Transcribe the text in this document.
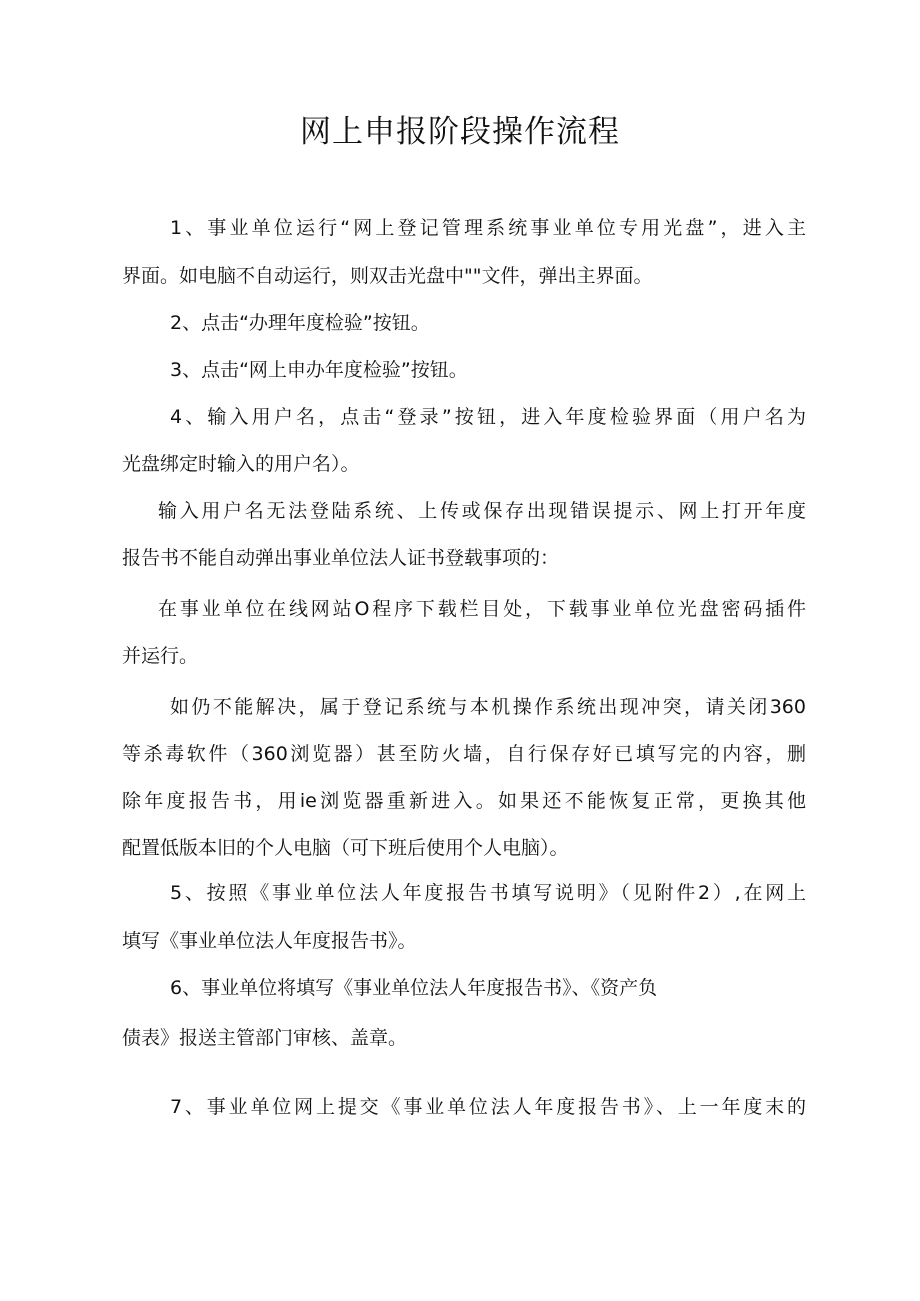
网上申报阶段操作流程

1、事业单位运行“网上登记管理系统事业单位专用光盘”，进入主

界面。如电脑不自动运行，则双击光盘中""文件，弹出主界面。

2、点击“办理年度检验”按钮。

3、点击“网上申办年度检验”按钮。

4、输入用户名，点击“登录”按钮，进入年度检验界面（用户名为

光盘绑定时输入的用户名）。

输入用户名无法登陆系统、上传或保存出现错误提示、网上打开年度

报告书不能自动弹出事业单位法人证书登载事项的：

在事业单位在线网站O程序下载栏目处，下载事业单位光盘密码插件

并运行。

如仍不能解决，属于登记系统与本机操作系统出现冲突，请关闭360

等杀毒软件（360浏览器）甚至防火墙，自行保存好已填写完的内容，删

除年度报告书，用ie浏览器重新进入。如果还不能恢复正常，更换其他

配置低版本旧的个人电脑（可下班后使用个人电脑）。

5、按照《事业单位法人年度报告书填写说明》（见附件2）,在网上

填写《事业单位法人年度报告书》。

6、事业单位将填写《事业单位法人年度报告书》、《资产负

债表》报送主管部门审核、盖章。

7、事业单位网上提交《事业单位法人年度报告书》、上一年度末的
